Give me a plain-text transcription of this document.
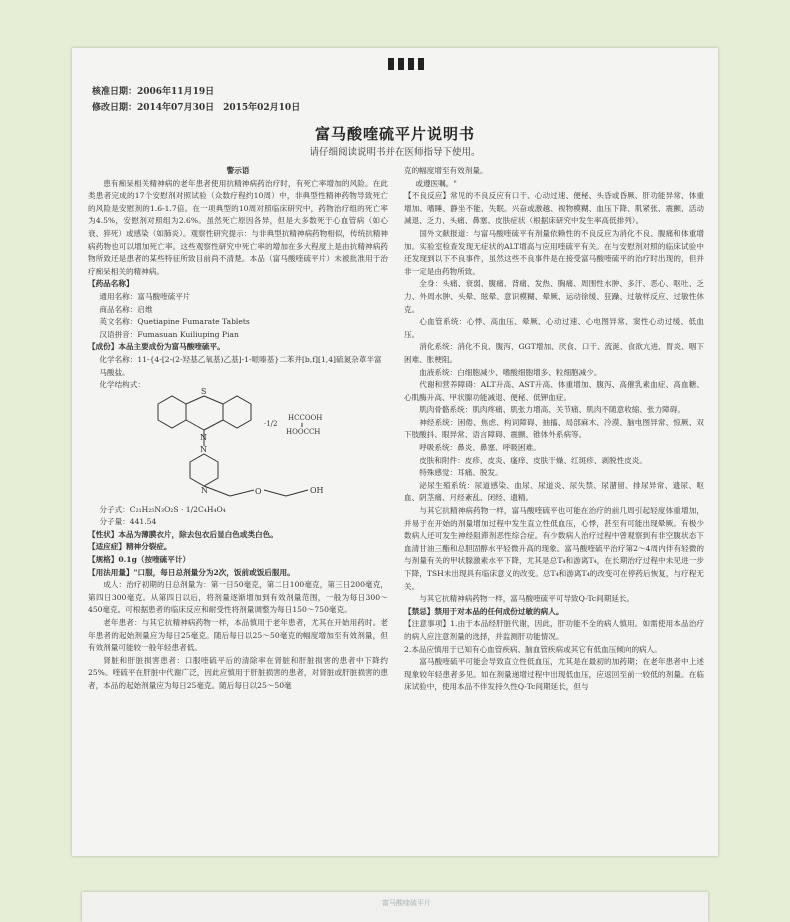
核准日期：2006年11月19日
修改日期：2014年07月30日　2015年02月10日
富马酸喹硫平片说明书
请仔细阅读说明书并在医师指导下使用。

警示语

患有痴呆相关精神病的老年患者使用抗精神病药治疗时，有死亡率增加的风险。在此类患者完成的17个安慰剂对照试验（众数疗程约10周）中，非典型性精神药物导致死亡的风险是安慰剂的1.6-1.7倍。在一项典型的10周对照临床研究中，药物治疗组的死亡率为4.5%，安慰剂对照组为2.6%。虽然死亡原因各异，但是大多数死于心血管病（如心衰、猝死）或感染（如肺炎）。观察性研究提示：与非典型抗精神病药物相似，传统抗精神病药物也可以增加死亡率。这些观察性研究中死亡率的增加在多大程度上是由抗精神病药物所致还是患者的某些特征所致目前尚不清楚。本品（富马酸喹硫平片）未被批准用于治疗痴呆相关的精神病。

【药品名称】

通用名称：富马酸喹硫平片

商品名称：启维

英文名称：Quetiapine Fumarate Tablets

汉语拼音：Fumasuan Kuiliuping Pian

【成份】本品主要成份为富马酸喹硫平。

化学名称：11-{4-[2-(2-羟基乙氧基)乙基]-1-哌嗪基}二苯并[b,f][1,4]硫氮杂䓬半富马酸盐。

化学结构式：

N
N
N
S
O	OH
·1/2
HCCOOH
HOOCCH

分子式：C₂₁H₂₅N₃O₂S · 1/2C₄H₄O₄

分子量：441.54

【性状】本品为薄膜衣片，除去包衣后显白色或类白色。

【适应症】精神分裂症。

【规格】0.1g（按喹硫平计）

【用法用量】"口服，每日总剂量分为2次，饭前或饭后服用。

成人：治疗初期的日总剂量为：第一日50毫克，第二日100毫克，第三日200毫克，第四日300毫克。从第四日以后，将剂量逐渐增加到有效剂量范围，一般为每日300～450毫克。可根据患者的临床反应和耐受性将剂量调整为每日150～750毫克。

老年患者：与其它抗精神病药物一样，本品慎用于老年患者，尤其在开始用药时。老年患者的起始剂量应为每日25毫克。随后每日以25～50毫克的幅度增加至有效剂量，但有效剂量可能较一般年轻患者低。

肾脏和肝脏损害患者：口服喹硫平后的清除率在肾脏和肝脏损害的患者中下降约25%。喹硫平在肝脏中代谢广泛，因此应慎用于肝脏损害的患者，对肾脏或肝脏损害的患者，本品的起始剂量应为每日25毫克。随后每日以25～50毫

克的幅度增至有效剂量。

或遵医嘱。"

【不良反应】常见的不良反应有口干、心动过速、便秘、头昏或昏厥、肝功能异常、体重增加、嗜睡、静坐不能、失眠。兴奋或激越、视物模糊、血压下降、肌紧张、震颤、活动减退、乏力、头痛、鼻塞、皮肤症状（根据床研究中发生率高低排列）。

国外文献报道：与富马酸喹硫平有剂量依赖性的不良反应为消化不良、腹痛和体重增加。实验室检查发现无症状的ALT增高与应用喹硫平有关。在与安慰剂对照的临床试验中还发现到以下不良事件，虽然这些不良事件是在接受富马酸喹硫平的治疗时出现的，但并非一定是由药物所致。

全身：头痛、衰弱、腹痛、背痛、发热、胸痛、周围性水肿、多汗、恶心、呕吐、乏力、外周水肿、头晕、眩晕、意识模糊、晕厥、运动徐缓、狂躁、过敏样反应、过敏性休克。

心血管系统：心悸、高血压、晕厥、心动过速、心电图异常、窦性心动过缓、低血压。

消化系统：消化不良、腹泻、GGT增加、厌食、口干、流涎、食欲亢进、胃炎、咽下困难、胀梗阻。

血液系统：白细胞减少、嗜酸细胞增多、粒细胞减少。

代谢和营养障碍：ALT升高、AST升高、体重增加、腹泻、高催乳素血症、高血糖、心肌酶升高、甲状腺功能减退、便秘、低钾血症。

肌肉骨骼系统：肌肉疼痛、肌张力增高、关节痛、肌肉不随意收缩、张力障碍。

神经系统：困倦、焦虑、构词障碍、抽搐、局部麻木、冷漠、脑电图异常、惊厥、双下肢酸抖、眼异常、语言障碍、震颤、锥体外系病等。

呼吸系统：鼻炎、鼻塞、呼吸困难。

皮肤和附件：皮疹、皮炎、瘙痒、皮肤干燥、红斑疹、剥脱性皮炎。

特殊感觉：耳痛、脱发。

泌尿生殖系统：尿道感染、血尿、尿道炎、尿失禁、尿潴留、排尿异常、遗尿、呕血、阴茎痛、月经紊乱、闭经、遗精。

与其它抗精神病药物一样，富马酸喹硫平也可能在治疗的前几周引起轻度体重增加，并易于在开始的剂量增加过程中发生直立性低血压，心悸，甚至有可能出现晕厥。有极少数病人还可发生神经阻滞剂恶性综合症。有少数病人治疗过程中曾观察到有非空腹状态下血清甘油三酯和总胆固醇水平轻微升高的现象。富马酸喹硫平治疗第2～4周内伴有轻微的与剂量有关的甲状腺激素水平下降，尤其是总T₄和游离T₄，在长期治疗过程中未见进一步下降，TSH未出现具有临床意义的改变。总T₄和游离T₄的改变可在停药后恢复，与疗程无关。

与其它抗精神病药物一样，富马酸喹硫平可导致Q-Tc间期延长。

【禁忌】禁用于对本品的任何成份过敏的病人。

【注意事项】1.由于本品经肝脏代谢，因此，肝功能不全的病人慎用。如需使用本品治疗的病人应注意剂量的选择，并监测肝功能情况。

2.本品应慎用于已知有心血管疾病、脑血管疾病或其它有低血压倾向的病人。

富马酸喹硫平可能会导致直立性低血压，尤其是在最初的加药期；在老年患者中上述现象较年轻患者多见。如在剂量递增过程中出现低血压，应返回至前一较低的剂量。在临床试验中，使用本品不伴发持久性Q-Tc间期延长，但与

富马酸喹硫平片
